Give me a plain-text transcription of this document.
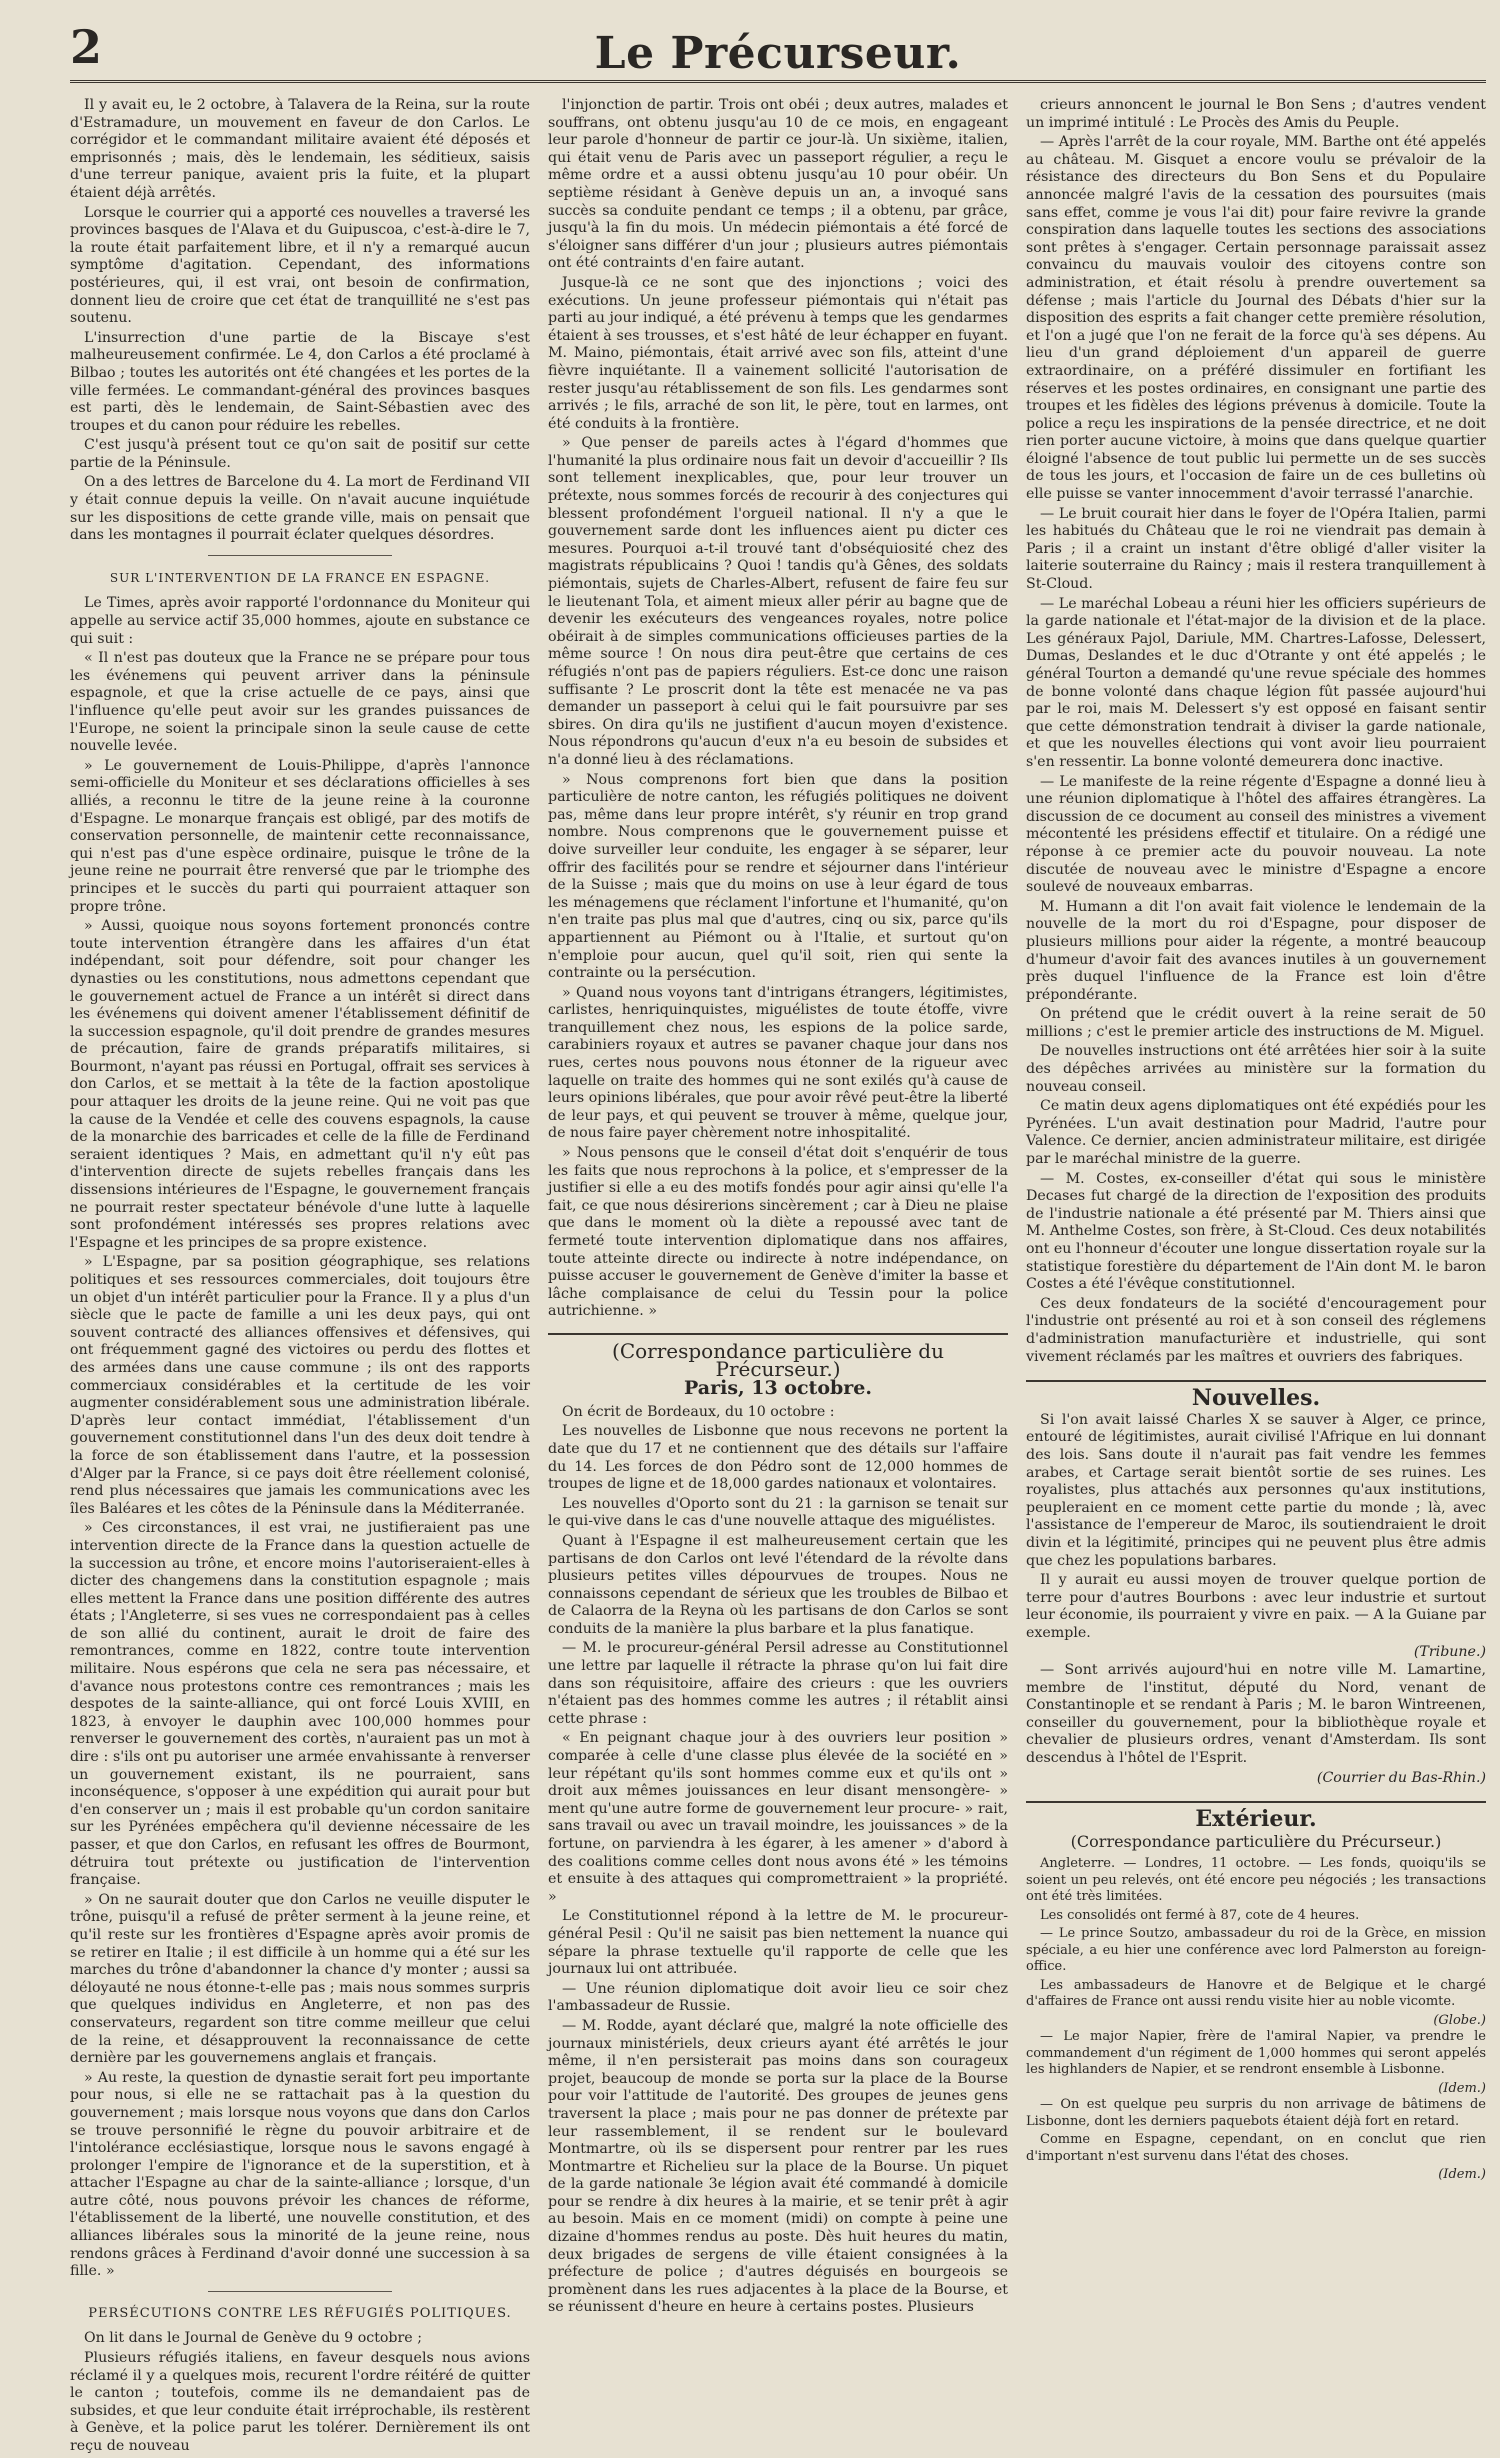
2	Le Précurseur.

Il y avait eu, le 2 octobre, à Talavera de la Reina, sur la route d'Estramadure, un mouvement en faveur de don Carlos. Le corrégidor et le commandant militaire avaient été déposés et emprisonnés ; mais, dès le lendemain, les séditieux, saisis d'une terreur panique, avaient pris la fuite, et la plupart étaient déjà arrêtés.

Lorsque le courrier qui a apporté ces nouvelles a traversé les provinces basques de l'Alava et du Guipuscoa, c'est-à-dire le 7, la route était parfaitement libre, et il n'y a remarqué aucun symptôme d'agitation. Cependant, des informations postérieures, qui, il est vrai, ont besoin de confirmation, donnent lieu de croire que cet état de tranquillité ne s'est pas soutenu.

L'insurrection d'une partie de la Biscaye s'est malheureusement confirmée. Le 4, don Carlos a été proclamé à Bilbao ; toutes les autorités ont été changées et les portes de la ville fermées. Le commandant-général des provinces basques est parti, dès le lendemain, de Saint-Sébastien avec des troupes et du canon pour réduire les rebelles.

C'est jusqu'à présent tout ce qu'on sait de positif sur cette partie de la Péninsule.

On a des lettres de Barcelone du 4. La mort de Ferdinand VII y était connue depuis la veille. On n'avait aucune inquiétude sur les dispositions de cette grande ville, mais on pensait que dans les montagnes il pourrait éclater quelques désordres.

SUR L'INTERVENTION DE LA FRANCE EN ESPAGNE.

Le Times, après avoir rapporté l'ordonnance du Moniteur qui appelle au service actif 35,000 hommes, ajoute en substance ce qui suit :

« Il n'est pas douteux que la France ne se prépare pour tous les événemens qui peuvent arriver dans la péninsule espagnole, et que la crise actuelle de ce pays, ainsi que l'influence qu'elle peut avoir sur les grandes puissances de l'Europe, ne soient la principale sinon la seule cause de cette nouvelle levée.

» Le gouvernement de Louis-Philippe, d'après l'annonce semi-officielle du Moniteur et ses déclarations officielles à ses alliés, a reconnu le titre de la jeune reine à la couronne d'Espagne. Le monarque français est obligé, par des motifs de conservation personnelle, de maintenir cette reconnaissance, qui n'est pas d'une espèce ordinaire, puisque le trône de la jeune reine ne pourrait être renversé que par le triomphe des principes et le succès du parti qui pourraient attaquer son propre trône.

» Aussi, quoique nous soyons fortement prononcés contre toute intervention étrangère dans les affaires d'un état indépendant, soit pour défendre, soit pour changer les dynasties ou les constitutions, nous admettons cependant que le gouvernement actuel de France a un intérêt si direct dans les événemens qui doivent amener l'établissement définitif de la succession espagnole, qu'il doit prendre de grandes mesures de précaution, faire de grands préparatifs militaires, si Bourmont, n'ayant pas réussi en Portugal, offrait ses services à don Carlos, et se mettait à la tête de la faction apostolique pour attaquer les droits de la jeune reine. Qui ne voit pas que la cause de la Vendée et celle des couvens espagnols, la cause de la monarchie des barricades et celle de la fille de Ferdinand seraient identiques ? Mais, en admettant qu'il n'y eût pas d'intervention directe de sujets rebelles français dans les dissensions intérieures de l'Espagne, le gouvernement français ne pourrait rester spectateur bénévole d'une lutte à laquelle sont profondément intéressés ses propres relations avec l'Espagne et les principes de sa propre existence.

» L'Espagne, par sa position géographique, ses relations politiques et ses ressources commerciales, doit toujours être un objet d'un intérêt particulier pour la France. Il y a plus d'un siècle que le pacte de famille a uni les deux pays, qui ont souvent contracté des alliances offensives et défensives, qui ont fréquemment gagné des victoires ou perdu des flottes et des armées dans une cause commune ; ils ont des rapports commerciaux considérables et la certitude de les voir augmenter considérablement sous une administration libérale. D'après leur contact immédiat, l'établissement d'un gouvernement constitutionnel dans l'un des deux doit tendre à la force de son établissement dans l'autre, et la possession d'Alger par la France, si ce pays doit être réellement colonisé, rend plus nécessaires que jamais les communications avec les îles Baléares et les côtes de la Péninsule dans la Méditerranée.

» Ces circonstances, il est vrai, ne justifieraient pas une intervention directe de la France dans la question actuelle de la succession au trône, et encore moins l'autoriseraient-elles à dicter des changemens dans la constitution espagnole ; mais elles mettent la France dans une position différente des autres états ; l'Angleterre, si ses vues ne correspondaient pas à celles de son allié du continent, aurait le droit de faire des remontrances, comme en 1822, contre toute intervention militaire. Nous espérons que cela ne sera pas nécessaire, et d'avance nous protestons contre ces remontrances ; mais les despotes de la sainte-alliance, qui ont forcé Louis XVIII, en 1823, à envoyer le dauphin avec 100,000 hommes pour renverser le gouvernement des cortès, n'auraient pas un mot à dire : s'ils ont pu autoriser une armée envahissante à renverser un gouvernement existant, ils ne pourraient, sans inconséquence, s'opposer à une expédition qui aurait pour but d'en conserver un ; mais il est probable qu'un cordon sanitaire sur les Pyrénées empêchera qu'il devienne nécessaire de les passer, et que don Carlos, en refusant les offres de Bourmont, détruira tout prétexte ou justification de l'intervention française.

» On ne saurait douter que don Carlos ne veuille disputer le trône, puisqu'il a refusé de prêter serment à la jeune reine, et qu'il reste sur les frontières d'Espagne après avoir promis de se retirer en Italie ; il est difficile à un homme qui a été sur les marches du trône d'abandonner la chance d'y monter ; aussi sa déloyauté ne nous étonne-t-elle pas ; mais nous sommes surpris que quelques individus en Angleterre, et non pas des conservateurs, regardent son titre comme meilleur que celui de la reine, et désapprouvent la reconnaissance de cette dernière par les gouvernemens anglais et français.

» Au reste, la question de dynastie serait fort peu importante pour nous, si elle ne se rattachait pas à la question du gouvernement ; mais lorsque nous voyons que dans don Carlos se trouve personnifié le règne du pouvoir arbitraire et de l'intolérance ecclésiastique, lorsque nous le savons engagé à prolonger l'empire de l'ignorance et de la superstition, et à attacher l'Espagne au char de la sainte-alliance ; lorsque, d'un autre côté, nous pouvons prévoir les chances de réforme, l'établissement de la liberté, une nouvelle constitution, et des alliances libérales sous la minorité de la jeune reine, nous rendons grâces à Ferdinand d'avoir donné une succession à sa fille. »

PERSÉCUTIONS CONTRE LES RÉFUGIÉS POLITIQUES.

On lit dans le Journal de Genève du 9 octobre ;

Plusieurs réfugiés italiens, en faveur desquels nous avions réclamé il y a quelques mois, recurent l'ordre réitéré de quitter le canton ; toutefois, comme ils ne demandaient pas de subsides, et que leur conduite était irréprochable, ils restèrent à Genève, et la police parut les tolérer. Dernièrement ils ont reçu de nouveau

l'injonction de partir. Trois ont obéi ; deux autres, malades et souffrans, ont obtenu jusqu'au 10 de ce mois, en engageant leur parole d'honneur de partir ce jour-là. Un sixième, italien, qui était venu de Paris avec un passeport régulier, a reçu le même ordre et a aussi obtenu jusqu'au 10 pour obéir. Un septième résidant à Genève depuis un an, a invoqué sans succès sa conduite pendant ce temps ; il a obtenu, par grâce, jusqu'à la fin du mois. Un médecin piémontais a été forcé de s'éloigner sans différer d'un jour ; plusieurs autres piémontais ont été contraints d'en faire autant.

Jusque-là ce ne sont que des injonctions ; voici des exécutions. Un jeune professeur piémontais qui n'était pas parti au jour indiqué, a été prévenu à temps que les gendarmes étaient à ses trousses, et s'est hâté de leur échapper en fuyant. M. Maino, piémontais, était arrivé avec son fils, atteint d'une fièvre inquiétante. Il a vainement sollicité l'autorisation de rester jusqu'au rétablissement de son fils. Les gendarmes sont arrivés ; le fils, arraché de son lit, le père, tout en larmes, ont été conduits à la frontière.

» Que penser de pareils actes à l'égard d'hommes que l'humanité la plus ordinaire nous fait un devoir d'accueillir ? Ils sont tellement inexplicables, que, pour leur trouver un prétexte, nous sommes forcés de recourir à des conjectures qui blessent profondément l'orgueil national. Il n'y a que le gouvernement sarde dont les influences aient pu dicter ces mesures. Pourquoi a-t-il trouvé tant d'obséquiosité chez des magistrats républicains ? Quoi ! tandis qu'à Gênes, des soldats piémontais, sujets de Charles-Albert, refusent de faire feu sur le lieutenant Tola, et aiment mieux aller périr au bagne que de devenir les exécuteurs des vengeances royales, notre police obéirait à de simples communications officieuses parties de la même source ! On nous dira peut-être que certains de ces réfugiés n'ont pas de papiers réguliers. Est-ce donc une raison suffisante ? Le proscrit dont la tête est menacée ne va pas demander un passeport à celui qui le fait poursuivre par ses sbires. On dira qu'ils ne justifient d'aucun moyen d'existence. Nous répondrons qu'aucun d'eux n'a eu besoin de subsides et n'a donné lieu à des réclamations.

» Nous comprenons fort bien que dans la position particulière de notre canton, les réfugiés politiques ne doivent pas, même dans leur propre intérêt, s'y réunir en trop grand nombre. Nous comprenons que le gouvernement puisse et doive surveiller leur conduite, les engager à se séparer, leur offrir des facilités pour se rendre et séjourner dans l'intérieur de la Suisse ; mais que du moins on use à leur égard de tous les ménagemens que réclament l'infortune et l'humanité, qu'on n'en traite pas plus mal que d'autres, cinq ou six, parce qu'ils appartiennent au Piémont ou à l'Italie, et surtout qu'on n'emploie pour aucun, quel qu'il soit, rien qui sente la contrainte ou la persécution.

» Quand nous voyons tant d'intrigans étrangers, légitimistes, carlistes, henriquinquistes, miguélistes de toute étoffe, vivre tranquillement chez nous, les espions de la police sarde, carabiniers royaux et autres se pavaner chaque jour dans nos rues, certes nous pouvons nous étonner de la rigueur avec laquelle on traite des hommes qui ne sont exilés qu'à cause de leurs opinions libérales, que pour avoir rêvé peut-être la liberté de leur pays, et qui peuvent se trouver à même, quelque jour, de nous faire payer chèrement notre inhospitalité.

» Nous pensons que le conseil d'état doit s'enquérir de tous les faits que nous reprochons à la police, et s'empresser de la justifier si elle a eu des motifs fondés pour agir ainsi qu'elle l'a fait, ce que nous désirerions sincèrement ; car à Dieu ne plaise que dans le moment où la diète a repoussé avec tant de fermeté toute intervention diplomatique dans nos affaires, toute atteinte directe ou indirecte à notre indépendance, on puisse accuser le gouvernement de Genève d'imiter la basse et lâche complaisance de celui du Tessin pour la police autrichienne. »

(Correspondance particulière du Précurseur.)
Paris, 13 octobre.

On écrit de Bordeaux, du 10 octobre :

Les nouvelles de Lisbonne que nous recevons ne portent la date que du 17 et ne contiennent que des détails sur l'affaire du 14. Les forces de don Pédro sont de 12,000 hommes de troupes de ligne et de 18,000 gardes nationaux et volontaires.

Les nouvelles d'Oporto sont du 21 : la garnison se tenait sur le qui-vive dans le cas d'une nouvelle attaque des miguélistes.

Quant à l'Espagne il est malheureusement certain que les partisans de don Carlos ont levé l'étendard de la révolte dans plusieurs petites villes dépourvues de troupes. Nous ne connaissons cependant de sérieux que les troubles de Bilbao et de Calaorra de la Reyna où les partisans de don Carlos se sont conduits de la manière la plus barbare et la plus fanatique.

— M. le procureur-général Persil adresse au Constitutionnel une lettre par laquelle il rétracte la phrase qu'on lui fait dire dans son réquisitoire, affaire des crieurs : que les ouvriers n'étaient pas des hommes comme les autres ; il rétablit ainsi cette phrase :

« En peignant chaque jour à des ouvriers leur position » comparée à celle d'une classe plus élevée de la société en » leur répétant qu'ils sont hommes comme eux et qu'ils ont » droit aux mêmes jouissances en leur disant mensongère- » ment qu'une autre forme de gouvernement leur procure- » rait, sans travail ou avec un travail moindre, les jouissances » de la fortune, on parviendra à les égarer, à les amener » d'abord à des coalitions comme celles dont nous avons été » les témoins et ensuite à des attaques qui compromettraient » la propriété. »

Le Constitutionnel répond à la lettre de M. le procureur-général Pesil : Qu'il ne saisit pas bien nettement la nuance qui sépare la phrase textuelle qu'il rapporte de celle que les journaux lui ont attribuée.

— Une réunion diplomatique doit avoir lieu ce soir chez l'ambassadeur de Russie.

— M. Rodde, ayant déclaré que, malgré la note officielle des journaux ministériels, deux crieurs ayant été arrêtés le jour même, il n'en persisterait pas moins dans son courageux projet, beaucoup de monde se porta sur la place de la Bourse pour voir l'attitude de l'autorité. Des groupes de jeunes gens traversent la place ; mais pour ne pas donner de prétexte par leur rassemblement, il se rendent sur le boulevard Montmartre, où ils se dispersent pour rentrer par les rues Montmartre et Richelieu sur la place de la Bourse. Un piquet de la garde nationale 3e légion avait été commandé à domicile pour se rendre à dix heures à la mairie, et se tenir prêt à agir au besoin. Mais en ce moment (midi) on compte à peine une dizaine d'hommes rendus au poste. Dès huit heures du matin, deux brigades de sergens de ville étaient consignées à la préfecture de police ; d'autres déguisés en bourgeois se promènent dans les rues adjacentes à la place de la Bourse, et se réunissent d'heure en heure à certains postes. Plusieurs

crieurs annoncent le journal le Bon Sens ; d'autres vendent un imprimé intitulé : Le Procès des Amis du Peuple.

— Après l'arrêt de la cour royale, MM. Barthe ont été appelés au château. M. Gisquet a encore voulu se prévaloir de la résistance des directeurs du Bon Sens et du Populaire annoncée malgré l'avis de la cessation des poursuites (mais sans effet, comme je vous l'ai dit) pour faire revivre la grande conspiration dans laquelle toutes les sections des associations sont prêtes à s'engager. Certain personnage paraissait assez convaincu du mauvais vouloir des citoyens contre son administration, et était résolu à prendre ouvertement sa défense ; mais l'article du Journal des Débats d'hier sur la disposition des esprits a fait changer cette première résolution, et l'on a jugé que l'on ne ferait de la force qu'à ses dépens. Au lieu d'un grand déploiement d'un appareil de guerre extraordinaire, on a préféré dissimuler en fortifiant les réserves et les postes ordinaires, en consignant une partie des troupes et les fidèles des légions prévenus à domicile. Toute la police a reçu les inspirations de la pensée directrice, et ne doit rien porter aucune victoire, à moins que dans quelque quartier éloigné l'absence de tout public lui permette un de ses succès de tous les jours, et l'occasion de faire un de ces bulletins où elle puisse se vanter innocemment d'avoir terrassé l'anarchie.

— Le bruit courait hier dans le foyer de l'Opéra Italien, parmi les habitués du Château que le roi ne viendrait pas demain à Paris ; il a craint un instant d'être obligé d'aller visiter la laiterie souterraine du Raincy ; mais il restera tranquillement à St-Cloud.

— Le maréchal Lobeau a réuni hier les officiers supérieurs de la garde nationale et l'état-major de la division et de la place. Les généraux Pajol, Dariule, MM. Chartres-Lafosse, Delessert, Dumas, Deslandes et le duc d'Otrante y ont été appelés ; le général Tourton a demandé qu'une revue spéciale des hommes de bonne volonté dans chaque légion fût passée aujourd'hui par le roi, mais M. Delessert s'y est opposé en faisant sentir que cette démonstration tendrait à diviser la garde nationale, et que les nouvelles élections qui vont avoir lieu pourraient s'en ressentir. La bonne volonté demeurera donc inactive.

— Le manifeste de la reine régente d'Espagne a donné lieu à une réunion diplomatique à l'hôtel des affaires étrangères. La discussion de ce document au conseil des ministres a vivement mécontenté les présidens effectif et titulaire. On a rédigé une réponse à ce premier acte du pouvoir nouveau. La note discutée de nouveau avec le ministre d'Espagne a encore soulevé de nouveaux embarras.

M. Humann a dit l'on avait fait violence le lendemain de la nouvelle de la mort du roi d'Espagne, pour disposer de plusieurs millions pour aider la régente, a montré beaucoup d'humeur d'avoir fait des avances inutiles à un gouvernement près duquel l'influence de la France est loin d'être prépondérante.

On prétend que le crédit ouvert à la reine serait de 50 millions ; c'est le premier article des instructions de M. Miguel.

De nouvelles instructions ont été arrêtées hier soir à la suite des dépêches arrivées au ministère sur la formation du nouveau conseil.

Ce matin deux agens diplomatiques ont été expédiés pour les Pyrénées. L'un avait destination pour Madrid, l'autre pour Valence. Ce dernier, ancien administrateur militaire, est dirigée par le maréchal ministre de la guerre.

— M. Costes, ex-conseiller d'état qui sous le ministère Decases fut chargé de la direction de l'exposition des produits de l'industrie nationale a été présenté par M. Thiers ainsi que M. Anthelme Costes, son frère, à St-Cloud. Ces deux notabilités ont eu l'honneur d'écouter une longue dissertation royale sur la statistique forestière du département de l'Ain dont M. le baron Costes a été l'évêque constitutionnel.

Ces deux fondateurs de la société d'encouragement pour l'industrie ont présenté au roi et à son conseil des réglemens d'administration manufacturière et industrielle, qui sont vivement réclamés par les maîtres et ouvriers des fabriques.

Nouvelles.

Si l'on avait laissé Charles X se sauver à Alger, ce prince, entouré de légitimistes, aurait civilisé l'Afrique en lui donnant des lois. Sans doute il n'aurait pas fait vendre les femmes arabes, et Cartage serait bientôt sortie de ses ruines. Les royalistes, plus attachés aux personnes qu'aux institutions, peupleraient en ce moment cette partie du monde ; là, avec l'assistance de l'empereur de Maroc, ils soutiendraient le droit divin et la légitimité, principes qui ne peuvent plus être admis que chez les populations barbares.

Il y aurait eu aussi moyen de trouver quelque portion de terre pour d'autres Bourbons : avec leur industrie et surtout leur économie, ils pourraient y vivre en paix. — A la Guiane par exemple.

(Tribune.)

— Sont arrivés aujourd'hui en notre ville M. Lamartine, membre de l'institut, député du Nord, venant de Constantinople et se rendant à Paris ; M. le baron Wintreenen, conseiller du gouvernement, pour la bibliothèque royale et chevalier de plusieurs ordres, venant d'Amsterdam. Ils sont descendus à l'hôtel de l'Esprit.

(Courrier du Bas-Rhin.)
Extérieur.
(Correspondance particulière du Précurseur.)

Angleterre. — Londres, 11 octobre. — Les fonds, quoiqu'ils se soient un peu relevés, ont été encore peu négociés ; les transactions ont été très limitées.

Les consolidés ont fermé à 87, cote de 4 heures.

— Le prince Soutzo, ambassadeur du roi de la Grèce, en mission spéciale, a eu hier une conférence avec lord Palmerston au foreign-office.

Les ambassadeurs de Hanovre et de Belgique et le chargé d'affaires de France ont aussi rendu visite hier au noble vicomte.

(Globe.)

— Le major Napier, frère de l'amiral Napier, va prendre le commandement d'un régiment de 1,000 hommes qui seront appelés les highlanders de Napier, et se rendront ensemble à Lisbonne.

(Idem.)

— On est quelque peu surpris du non arrivage de bâtimens de Lisbonne, dont les derniers paquebots étaient déjà fort en retard.

Comme en Espagne, cependant, on en conclut que rien d'important n'est survenu dans l'état des choses.

(Idem.)
